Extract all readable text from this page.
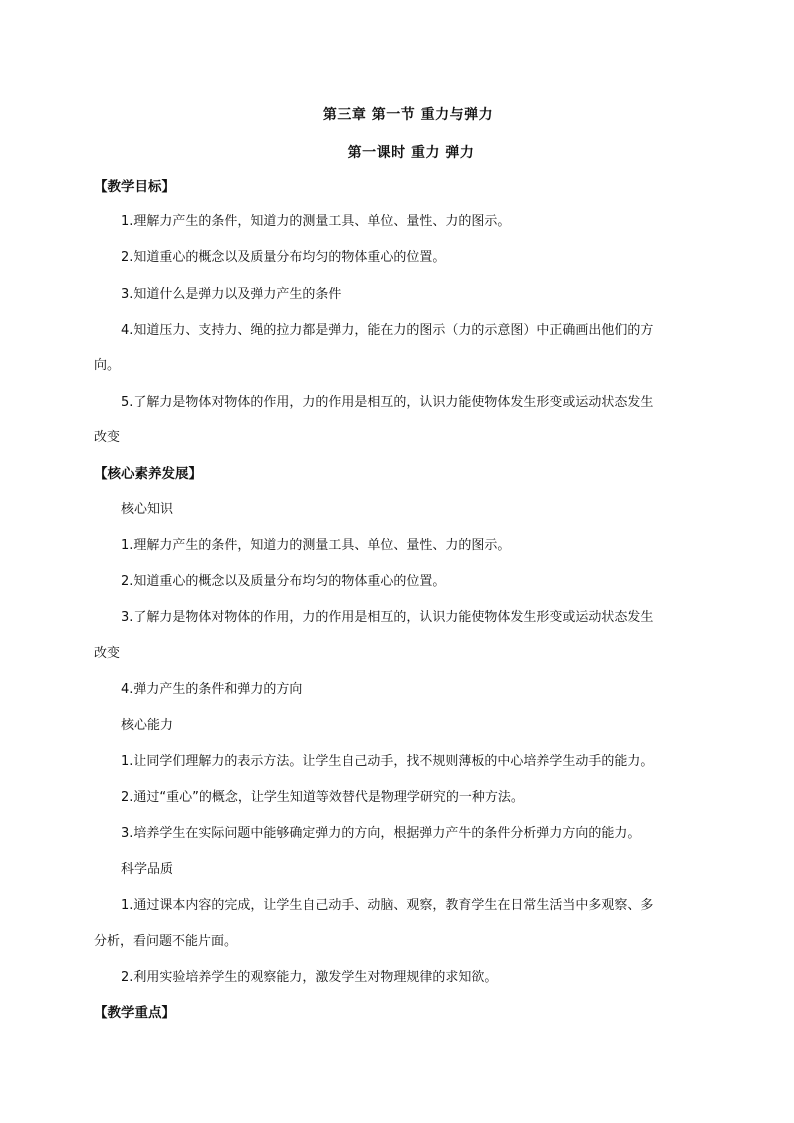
第三章 第一节 重力与弹力
第一课时 重力 弹力
【教学目标】
1.理解力产生的条件，知道力的测量工具、单位、量性、力的图示。
2.知道重心的概念以及质量分布均匀的物体重心的位置。
3.知道什么是弹力以及弹力产生的条件
4.知道压力、支持力、绳的拉力都是弹力，能在力的图示（力的示意图）中正确画出他们的方
向。
5.了解力是物体对物体的作用，力的作用是相互的，认识力能使物体发生形变或运动状态发生
改变
【核心素养发展】
核心知识
1.理解力产生的条件，知道力的测量工具、单位、量性、力的图示。
2.知道重心的概念以及质量分布均匀的物体重心的位置。
3.了解力是物体对物体的作用，力的作用是相互的，认识力能使物体发生形变或运动状态发生
改变
4.弹力产生的条件和弹力的方向
核心能力
1.让同学们理解力的表示方法。让学生自己动手，找不规则薄板的中心培养学生动手的能力。
2.通过“重心”的概念，让学生知道等效替代是物理学研究的一种方法。
3.培养学生在实际问题中能够确定弹力的方向，根据弹力产牛的条件分析弹力方向的能力。
科学品质
1.通过课本内容的完成，让学生自己动手、动脑、观察，教育学生在日常生活当中多观察、多
分析，看问题不能片面。
2.利用实验培养学生的观察能力，激发学生对物理规律的求知欲。
【教学重点】
